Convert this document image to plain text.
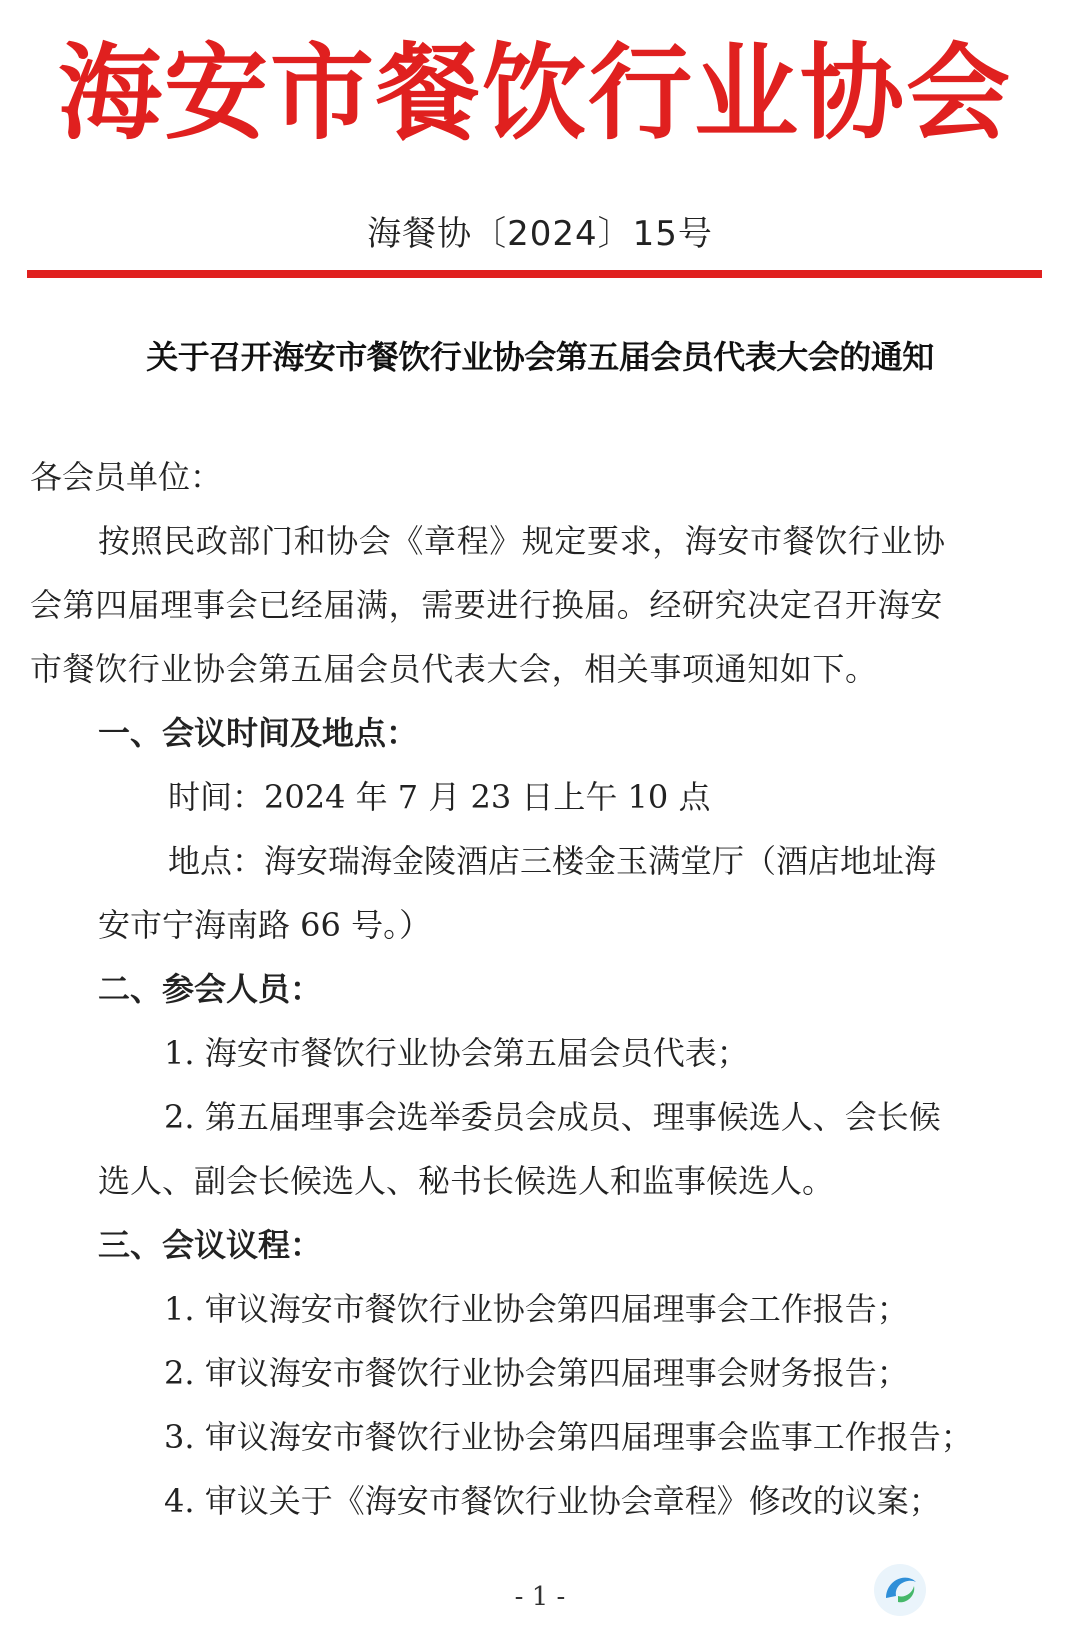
海安市餐饮行业协会
海餐协〔2024〕15号
关于召开海安市餐饮行业协会第五届会员代表大会的通知
各会员单位：
按照民政部门和协会《章程》规定要求，海安市餐饮行业协
会第四届理事会已经届满，需要进行换届。经研究决定召开海安
市餐饮行业协会第五届会员代表大会，相关事项通知如下。
一、会议时间及地点：
时间：2024 年 7 月 23 日上午 10 点
地点：海安瑞海金陵酒店三楼金玉满堂厅（酒店地址海
安市宁海南路 66 号。）
二、参会人员：
1. 海安市餐饮行业协会第五届会员代表；
2. 第五届理事会选举委员会成员、理事候选人、会长候
选人、副会长候选人、秘书长候选人和监事候选人。
三、会议议程：
1. 审议海安市餐饮行业协会第四届理事会工作报告；
2. 审议海安市餐饮行业协会第四届理事会财务报告；
3. 审议海安市餐饮行业协会第四届理事会监事工作报告；
4. 审议关于《海安市餐饮行业协会章程》修改的议案；
- 1 -
